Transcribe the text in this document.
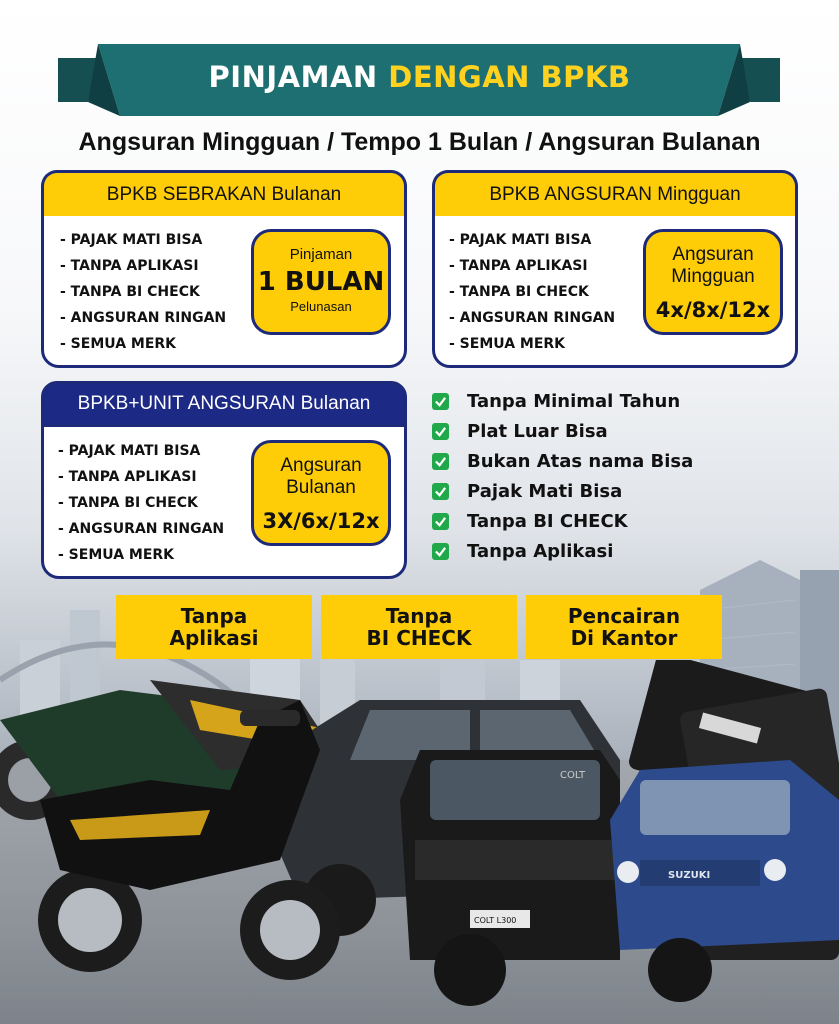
PINJAMAN DENGAN BPKB
Angsuran Mingguan / Tempo 1 Bulan / Angsuran Bulanan
BPKB SEBRAKAN Bulanan
- PAJAK MATI BISA
- TANPA APLIKASI
- TANPA BI CHECK
- ANGSURAN RINGAN
- SEMUA MERK
Pinjaman
1 BULAN
Pelunasan
BPKB ANGSURAN Mingguan
- PAJAK MATI BISA
- TANPA APLIKASI
- TANPA BI CHECK
- ANGSURAN RINGAN
- SEMUA MERK
Angsuran
Mingguan
4x/8x/12x
BPKB+UNIT ANGSURAN Bulanan
- PAJAK MATI BISA
- TANPA APLIKASI
- TANPA BI CHECK
- ANGSURAN RINGAN
- SEMUA MERK
Angsuran
Bulanan
3X/6x/12x
Tanpa Minimal Tahun
Plat Luar Bisa
Bukan Atas nama Bisa
Pajak Mati Bisa
Tanpa BI CHECK
Tanpa Aplikasi
Tanpa
Aplikasi
Tanpa
BI CHECK
Pencairan
Di Kantor
COLT
COLT L300
SUZUKI
